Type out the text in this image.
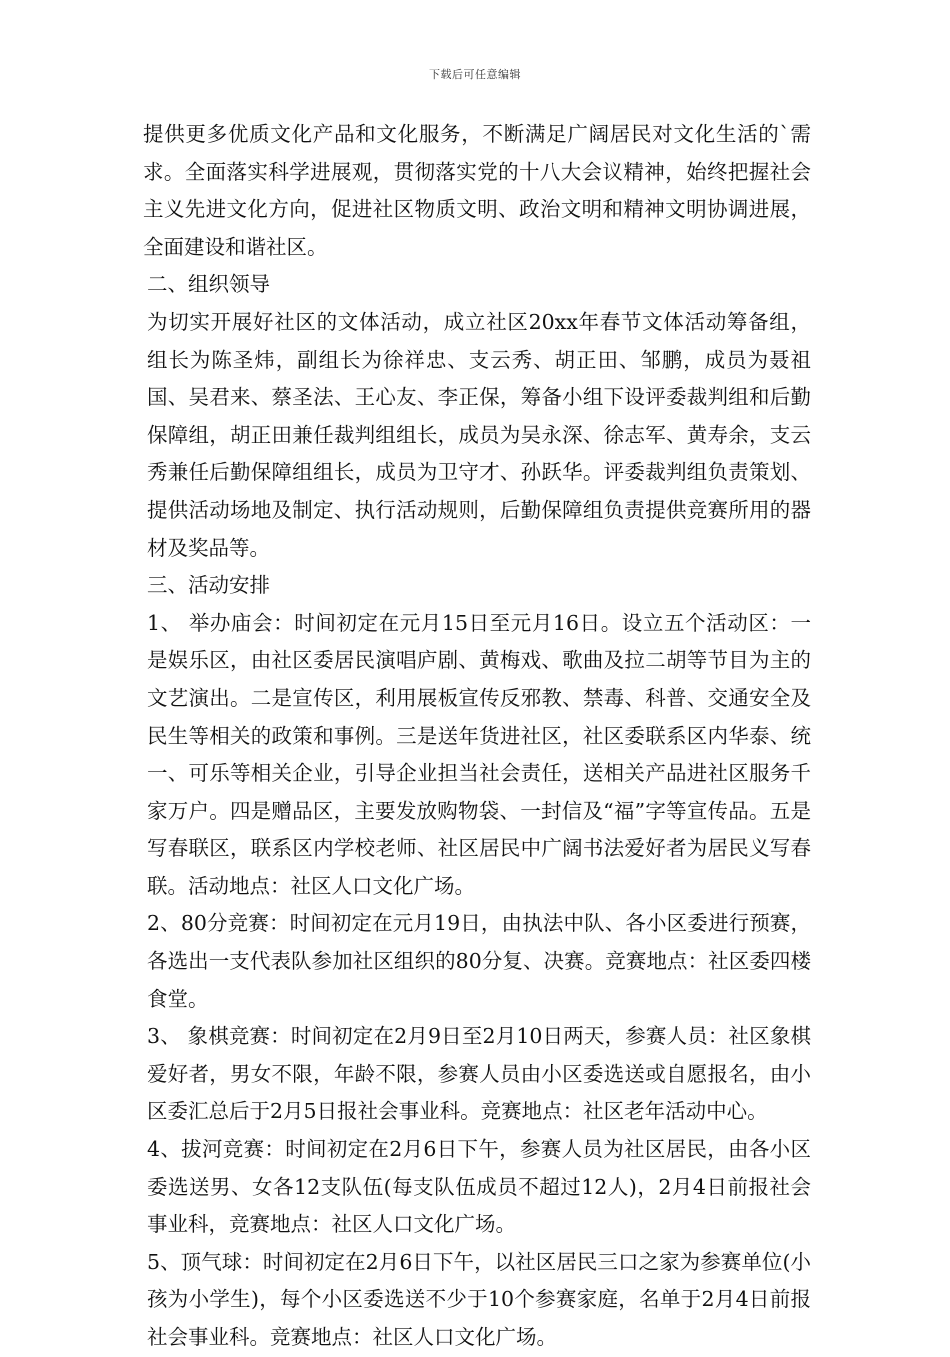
下载后可任意编辑

提供更多优质文化产品和文化服务，不断满足广阔居民对文化生活的`需求。全面落实科学进展观，贯彻落实党的十八大会议精神，始终把握社会主义先进文化方向，促进社区物质文明、政治文明和精神文明协调进展，全面建设和谐社区。

二、组织领导

为切实开展好社区的文体活动，成立社区20xx年春节文体活动筹备组，组长为陈圣炜，副组长为徐祥忠、支云秀、胡正田、邹鹏，成员为聂祖国、吴君来、蔡圣法、王心友、李正保，筹备小组下设评委裁判组和后勤保障组，胡正田兼任裁判组组长，成员为吴永深、徐志军、黄寿余，支云秀兼任后勤保障组组长，成员为卫守才、孙跃华。评委裁判组负责策划、提供活动场地及制定、执行活动规则，后勤保障组负责提供竞赛所用的器材及奖品等。

三、活动安排

1、 举办庙会：时间初定在元月15日至元月16日。设立五个活动区：一是娱乐区，由社区委居民演唱庐剧、黄梅戏、歌曲及拉二胡等节目为主的文艺演出。二是宣传区，利用展板宣传反邪教、禁毒、科普、交通安全及民生等相关的政策和事例。三是送年货进社区，社区委联系区内华泰、统一、可乐等相关企业，引导企业担当社会责任，送相关产品进社区服务千家万户。四是赠品区，主要发放购物袋、一封信及“福”字等宣传品。五是写春联区，联系区内学校老师、社区居民中广阔书法爱好者为居民义写春联。活动地点：社区人口文化广场。

2、80分竞赛：时间初定在元月19日，由执法中队、各小区委进行预赛，各选出一支代表队参加社区组织的80分复、决赛。竞赛地点：社区委四楼食堂。

3、 象棋竞赛：时间初定在2月9日至2月10日两天，参赛人员：社区象棋爱好者，男女不限，年龄不限，参赛人员由小区委选送或自愿报名，由小区委汇总后于2月5日报社会事业科。竞赛地点：社区老年活动中心。

4、拔河竞赛：时间初定在2月6日下午，参赛人员为社区居民，由各小区委选送男、女各12支队伍(每支队伍成员不超过12人)，2月4日前报社会事业科，竞赛地点：社区人口文化广场。

5、顶气球：时间初定在2月6日下午，以社区居民三口之家为参赛单位(小孩为小学生)，每个小区委选送不少于10个参赛家庭，名单于2月4日前报社会事业科。竞赛地点：社区人口文化广场。
